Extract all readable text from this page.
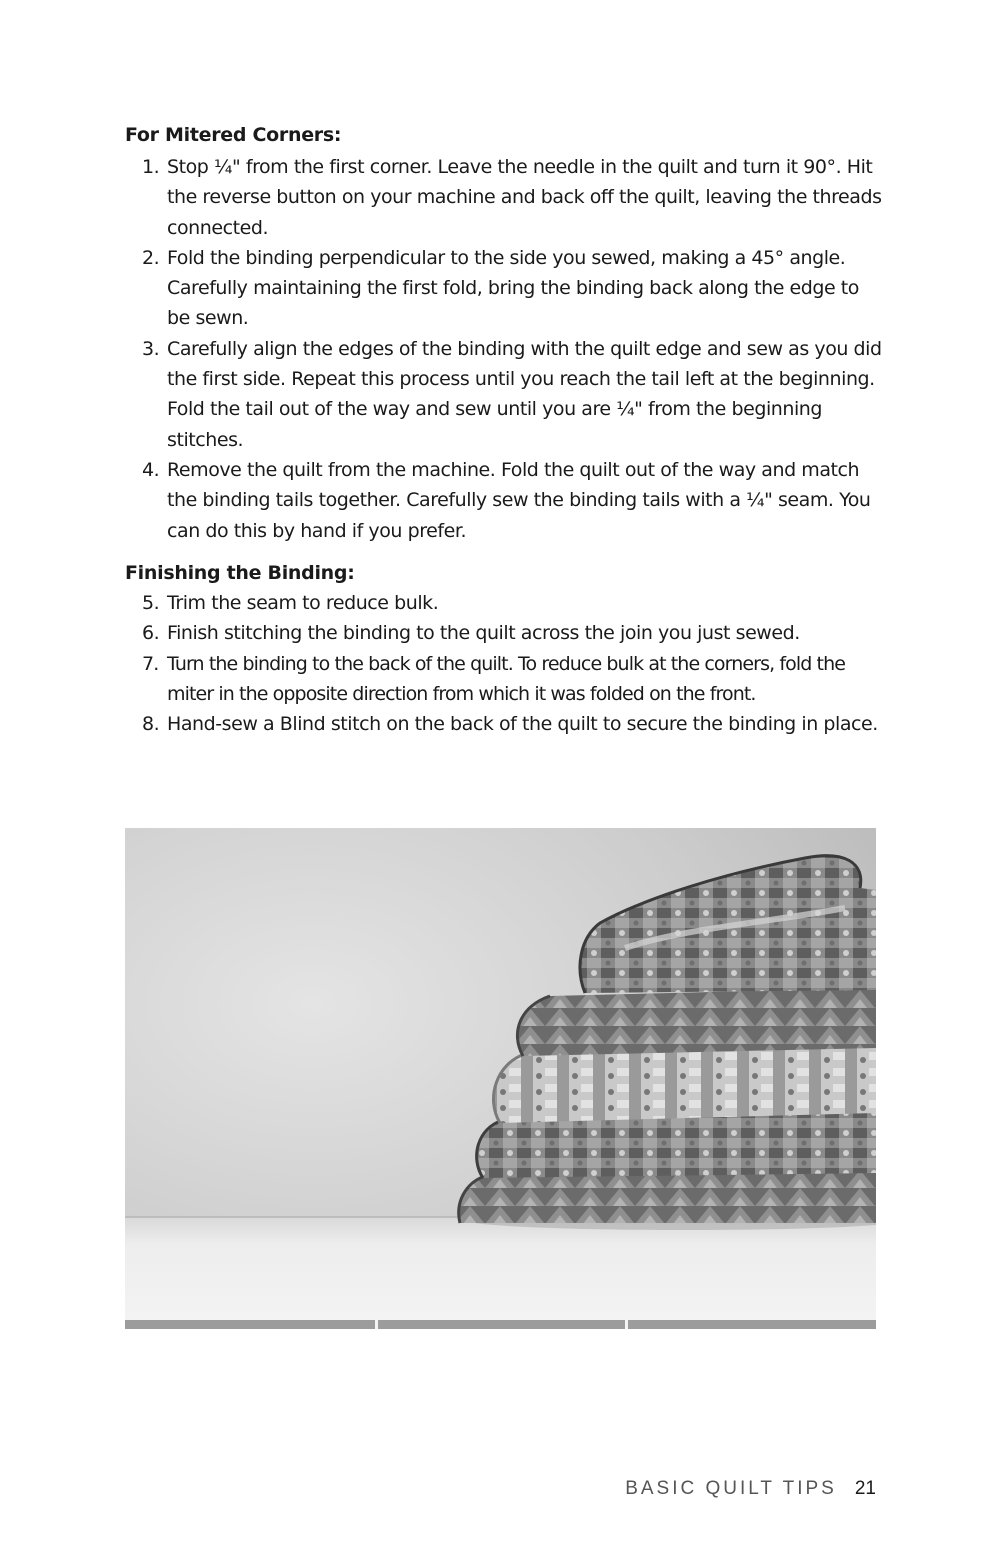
For Mitered Corners:
1. Stop ¼" from the first corner. Leave the needle in the quilt and turn it 90°. Hit the reverse button on your machine and back off the quilt, leaving the threads connected.
2. Fold the binding perpendicular to the side you sewed, making a 45° angle. Carefully maintaining the first fold, bring the binding back along the edge to be sewn.
3. Carefully align the edges of the binding with the quilt edge and sew as you did the first side. Repeat this process until you reach the tail left at the beginning. Fold the tail out of the way and sew until you are ¼" from the beginning stitches.
4. Remove the quilt from the machine. Fold the quilt out of the way and match the binding tails together. Carefully sew the binding tails with a ¼" seam. You can do this by hand if you prefer.
Finishing the Binding:
5. Trim the seam to reduce bulk.
6. Finish stitching the binding to the quilt across the join you just sewed.
7. Turn the binding to the back of the quilt. To reduce bulk at the corners, fold the miter in the opposite direction from which it was folded on the front.
8. Hand-sew a Blind stitch on the back of the quilt to secure the binding in place.
BASIC QUILT TIPS 21
